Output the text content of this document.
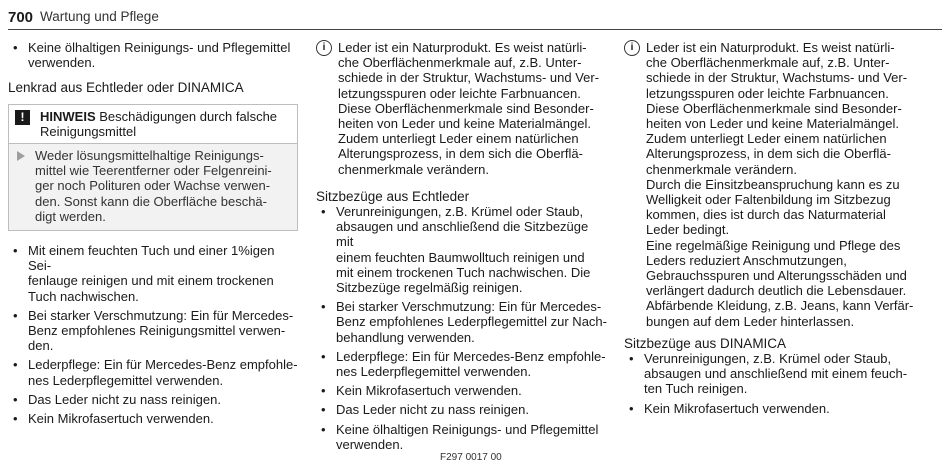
700 Wartung und Pflege
• Keine ölhaltigen Reinigungs- und Pflegemittel
verwenden.
Lenkrad aus Echtleder oder DINAMICA
!	HINWEIS Beschädigungen durch falsche
Reinigungsmittel
Weder lösungsmittelhaltige Reinigungs-
mittel wie Teerentferner oder Felgenreini-
ger noch Polituren oder Wachse verwen-
den. Sonst kann die Oberfläche beschä-
digt werden.
• Mit einem feuchten Tuch und einer 1%igen Sei-
fenlauge reinigen und mit einem trockenen
Tuch nachwischen.
• Bei starker Verschmutzung: Ein für Mercedes-
Benz empfohlenes Reinigungsmittel verwen-
den.
• Lederpflege: Ein für Mercedes-Benz empfohle-
nes Lederpflegemittel verwenden.
• Das Leder nicht zu nass reinigen.
• Kein Mikrofasertuch verwenden.
i Leder ist ein Naturprodukt. Es weist natürli-
che Oberflächenmerkmale auf, z.B. Unter-
schiede in der Struktur, Wachstums- und Ver-
letzungsspuren oder leichte Farbnuancen.
Diese Oberflächenmerkmale sind Besonder-
heiten von Leder und keine Materialmängel.
Zudem unterliegt Leder einem natürlichen
Alterungsprozess, in dem sich die Oberflä-
chenmerkmale verändern.
Sitzbezüge aus Echtleder
• Verunreinigungen, z.B. Krümel oder Staub,
absaugen und anschließend die Sitzbezüge mit
einem feuchten Baumwolltuch reinigen und
mit einem trockenen Tuch nachwischen. Die
Sitzbezüge regelmäßig reinigen.
• Bei starker Verschmutzung: Ein für Mercedes-
Benz empfohlenes Lederpflegemittel zur Nach-
behandlung verwenden.
• Lederpflege: Ein für Mercedes-Benz empfohle-
nes Lederpflegemittel verwenden.
• Kein Mikrofasertuch verwenden.
• Das Leder nicht zu nass reinigen.
• Keine ölhaltigen Reinigungs- und Pflegemittel
verwenden.
i Leder ist ein Naturprodukt. Es weist natürli-
che Oberflächenmerkmale auf, z.B. Unter-
schiede in der Struktur, Wachstums- und Ver-
letzungsspuren oder leichte Farbnuancen.
Diese Oberflächenmerkmale sind Besonder-
heiten von Leder und keine Materialmängel.
Zudem unterliegt Leder einem natürlichen
Alterungsprozess, in dem sich die Oberflä-
chenmerkmale verändern.
Durch die Einsitzbeanspruchung kann es zu
Welligkeit oder Faltenbildung im Sitzbezug
kommen, dies ist durch das Naturmaterial
Leder bedingt.
Eine regelmäßige Reinigung und Pflege des
Leders reduziert Anschmutzungen,
Gebrauchsspuren und Alterungsschäden und
verlängert dadurch deutlich die Lebensdauer.
Abfärbende Kleidung, z.B. Jeans, kann Verfär-
bungen auf dem Leder hinterlassen.
Sitzbezüge aus DINAMICA
• Verunreinigungen, z.B. Krümel oder Staub,
absaugen und anschließend mit einem feuch-
ten Tuch reinigen.
• Kein Mikrofasertuch verwenden.
F297 0017 00
